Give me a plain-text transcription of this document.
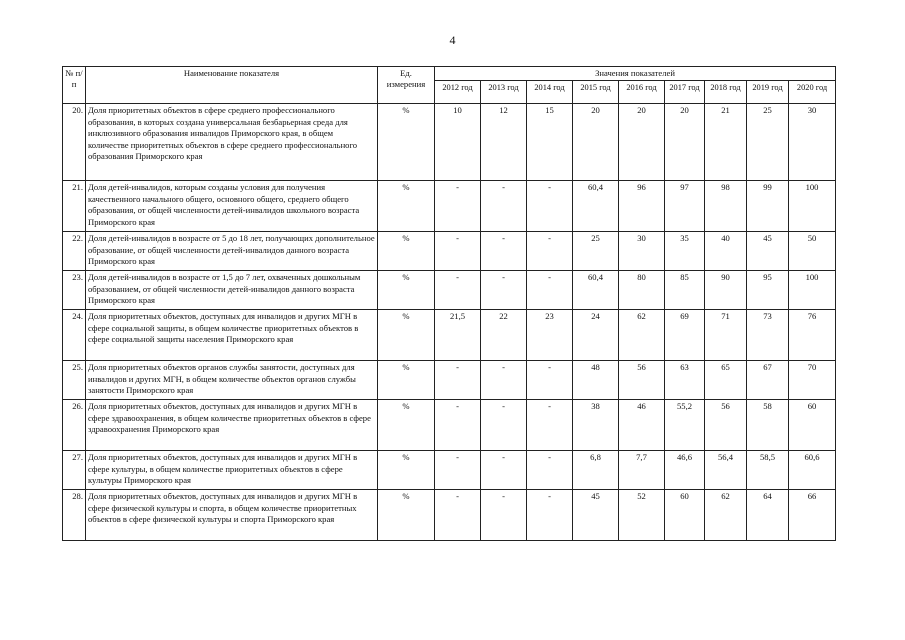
4
№ п/п	Наименование показателя	Ед. измерения	Значения показателей								
			2012 год	2013 год	2014 год	2015 год	2016 год	2017 год	2018 год	2019 год	2020 год
20.	Доля приоритетных объектов в сфере среднего профессионального образования, в которых создана универсальная безбарьерная среда для инклюзивного образования инвалидов Приморского края, в общем количестве приоритетных объектов в сфере среднего профессионального образования Приморского края	%	10	12	15	20	20	20	21	25	30
21.	Доля детей-инвалидов, которым созданы условия для получения качественного начального общего, основного общего, среднего общего образования, от общей численности детей-инвалидов школьного возраста Приморского края	%	-	-	-	60,4	96	97	98	99	100
22.	Доля детей-инвалидов в возрасте от 5 до 18 лет, получающих дополнительное образование, от общей численности детей-инвалидов данного возраста Приморского края	%	-	-	-	25	30	35	40	45	50
23.	Доля детей-инвалидов в возрасте от 1,5 до 7 лет, охваченных дошкольным образованием, от общей численности детей-инвалидов данного возраста Приморского края	%	-	-	-	60,4	80	85	90	95	100
24.	Доля приоритетных объектов, доступных для инвалидов и других МГН в сфере социальной защиты, в общем количестве приоритетных объектов в сфере социальной защиты населения Приморского края	%	21,5	22	23	24	62	69	71	73	76
25.	Доля приоритетных объектов органов службы занятости, доступных для инвалидов и других МГН, в общем количестве объектов органов службы занятости Приморского края	%	-	-	-	48	56	63	65	67	70
26.	Доля приоритетных объектов, доступных для инвалидов и других МГН в сфере здравоохранения, в общем количестве приоритетных объектов в сфере здравоохранения Приморского края	%	-	-	-	38	46	55,2	56	58	60
27.	Доля приоритетных объектов, доступных для инвалидов и других МГН в сфере культуры, в общем количестве приоритетных объектов в сфере культуры Приморского края	%	-	-	-	6,8	7,7	46,6	56,4	58,5	60,6
28.	Доля приоритетных объектов, доступных для инвалидов и других МГН в сфере физической культуры и спорта, в общем количестве приоритетных объектов в сфере физической культуры и спорта Приморского края	%	-	-	-	45	52	60	62	64	66
